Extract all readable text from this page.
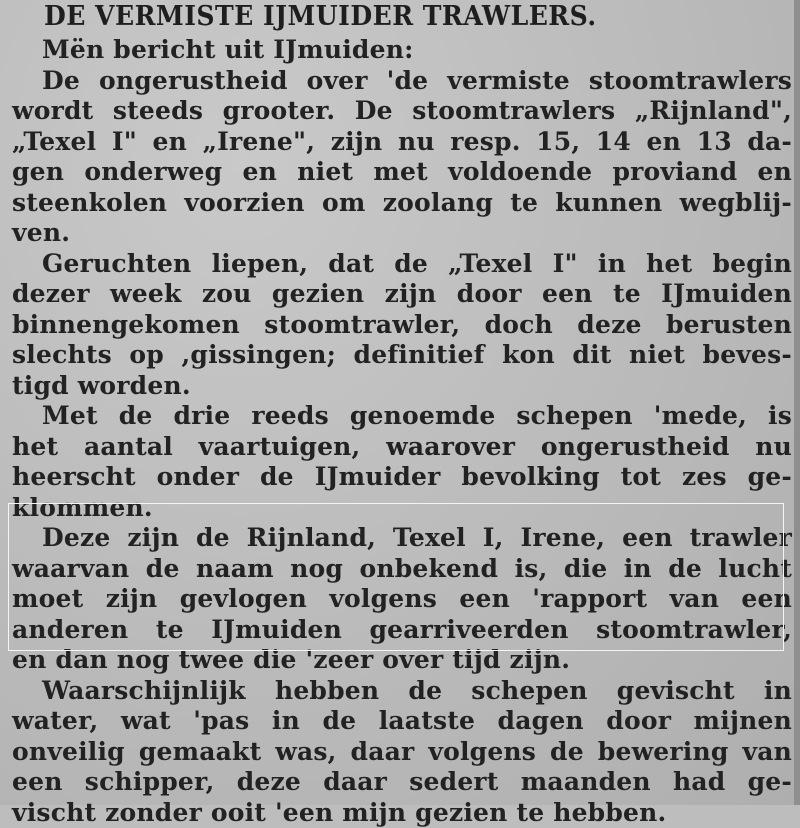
DE VERMISTE IJMUIDER TRAWLERS.
Mën bericht uit IJmuiden:
De ongerustheid over 'de vermiste stoomtrawlers
wordt steeds grooter. De stoomtrawlers „Rijnland",
„Texel I" en „Irene", zijn nu resp. 15, 14 en 13 da-
gen onderweg en niet met voldoende proviand en
steenkolen voorzien om zoolang te kunnen wegblij-
ven.
Geruchten liepen, dat de „Texel I" in het begin
dezer week zou gezien zijn door een te IJmuiden
binnengekomen stoomtrawler, doch deze berusten
slechts op ,gissingen; definitief kon dit niet beves-
tigd worden.
Met de drie reeds genoemde schepen 'mede, is
het aantal vaartuigen, waarover ongerustheid nu
heerscht onder de IJmuider bevolking tot zes ge-
klommen.
Deze zijn de Rijnland, Texel I, Irene, een trawler
waarvan de naam nog onbekend is, die in de lucht
moet zijn gevlogen volgens een 'rapport van een
anderen te IJmuiden gearriveerden stoomtrawler,
en dan nog twee die 'zeer over tijd zijn.
Waarschijnlijk hebben de schepen gevischt in
water, wat 'pas in de laatste dagen door mijnen
onveilig gemaakt was, daar volgens de bewering van
een schipper, deze daar sedert maanden had ge-
vischt zonder ooit 'een mijn gezien te hebben.
